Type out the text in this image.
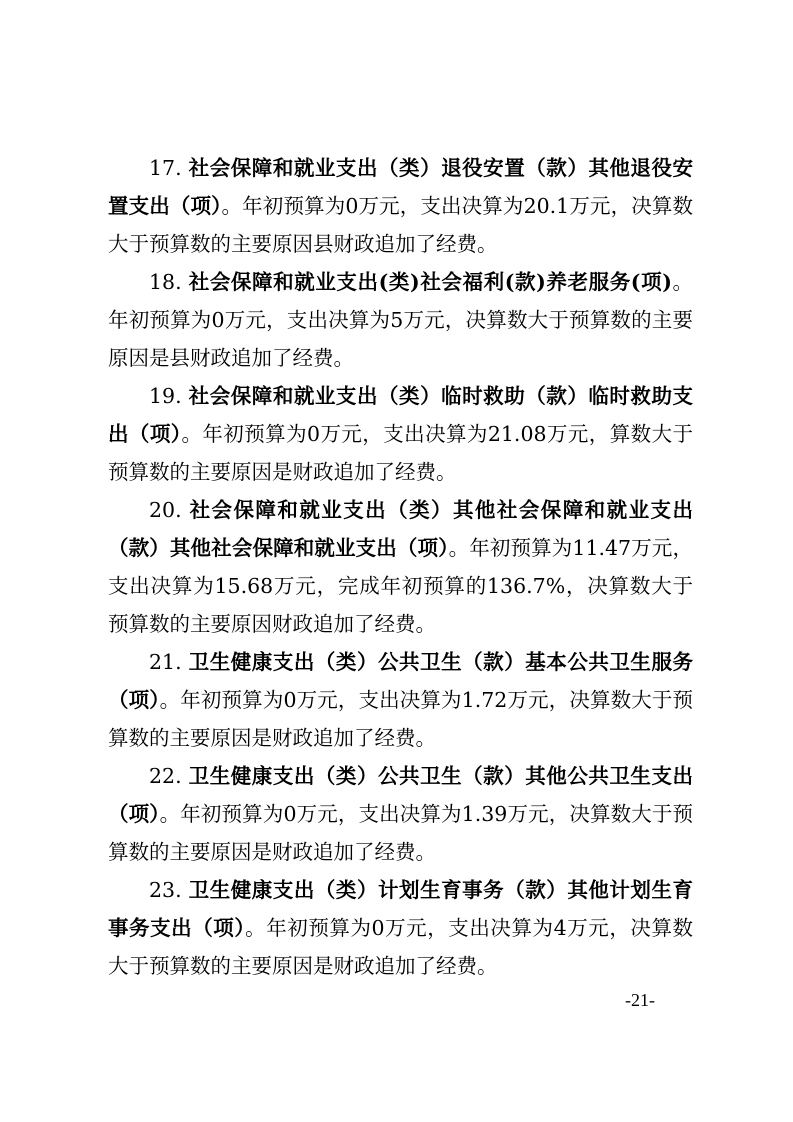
17. 社会保障和就业支出（类）退役安置（款）其他退役安置支出（项）。年初预算为0万元，支出决算为20.1万元，决算数大于预算数的主要原因县财政追加了经费。

18. 社会保障和就业支出(类)社会福利(款)养老服务(项)。年初预算为0万元，支出决算为5万元，决算数大于预算数的主要原因是县财政追加了经费。

19. 社会保障和就业支出（类）临时救助（款）临时救助支出（项）。年初预算为0万元，支出决算为21.08万元，算数大于预算数的主要原因是财政追加了经费。

20. 社会保障和就业支出（类）其他社会保障和就业支出（款）其他社会保障和就业支出（项）。年初预算为11.47万元，支出决算为15.68万元，完成年初预算的136.7%，决算数大于预算数的主要原因财政追加了经费。

21. 卫生健康支出（类）公共卫生（款）基本公共卫生服务（项）。年初预算为0万元，支出决算为1.72万元，决算数大于预算数的主要原因是财政追加了经费。

22. 卫生健康支出（类）公共卫生（款）其他公共卫生支出（项）。年初预算为0万元，支出决算为1.39万元，决算数大于预算数的主要原因是财政追加了经费。

23. 卫生健康支出（类）计划生育事务（款）其他计划生育事务支出（项）。年初预算为0万元，支出决算为4万元，决算数大于预算数的主要原因是财政追加了经费。

-21-
